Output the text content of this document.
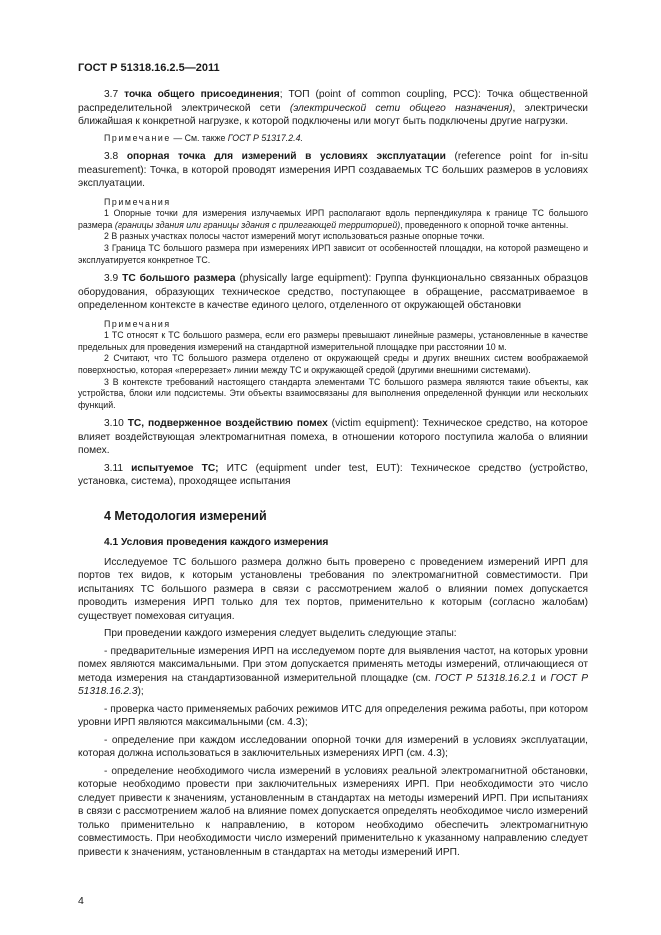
ГОСТ Р 51318.16.2.5—2011

3.7 точка общего присоединения; ТОП (point of common coupling, PCC): Точка общественной распределительной электрической сети (электрической сети общего назначения), электрически ближайшая к конкретной нагрузке, к которой подключены или могут быть подключены другие нагрузки.

Примечание — См. также ГОСТ Р 51317.2.4.

3.8 опорная точка для измерений в условиях эксплуатации (reference point for in-situ measurement): Точка, в которой проводят измерения ИРП создаваемых ТС больших размеров в условиях эксплуатации.

Примечания

1 Опорные точки для измерения излучаемых ИРП располагают вдоль перпендикуляра к границе ТС большого размера (границы здания или границы здания с прилегающей территорией), проведенного к опорной точке антенны.

2 В разных участках полосы частот измерений могут использоваться разные опорные точки.

3 Граница ТС большого размера при измерениях ИРП зависит от особенностей площадки, на которой размещено и эксплуатируется конкретное ТС.

3.9 ТС большого размера (physically large equipment): Группа функционально связанных образцов оборудования, образующих техническое средство, поступающее в обращение, рассматриваемое в определенном контексте в качестве единого целого, отделенного от окружающей обстановки

Примечания

1 ТС относят к ТС большого размера, если его размеры превышают линейные размеры, установленные в качестве предельных для проведения измерений на стандартной измерительной площадке при расстоянии 10 м.

2 Считают, что ТС большого размера отделено от окружающей среды и других внешних систем воображаемой поверхностью, которая «перерезает» линии между ТС и окружающей средой (другими внешними системами).

3 В контексте требований настоящего стандарта элементами ТС большого размера являются такие объекты, как устройства, блоки или подсистемы. Эти объекты взаимосвязаны для выполнения определенной функции или нескольких функций.

3.10 ТС, подверженное воздействию помех (victim equipment): Техническое средство, на которое влияет воздействующая электромагнитная помеха, в отношении которого поступила жалоба о влиянии помех.

3.11 испытуемое ТС; ИТС (equipment under test, EUT): Техническое средство (устройство, установка, система), проходящее испытания

4 Методология измерений
4.1 Условия проведения каждого измерения

Исследуемое ТС большого размера должно быть проверено с проведением измерений ИРП для портов тех видов, к которым установлены требования по электромагнитной совместимости. При испытаниях ТС большого размера в связи с рассмотрением жалоб о влиянии помех допускается проводить измерения ИРП только для тех портов, применительно к которым (согласно жалобам) существует помеховая ситуация.

При проведении каждого измерения следует выделить следующие этапы:

- предварительные измерения ИРП на исследуемом порте для выявления частот, на которых уровни помех являются максимальными. При этом допускается применять методы измерений, отличающиеся от метода измерения на стандартизованной измерительной площадке (см. ГОСТ Р 51318.16.2.1 и ГОСТ Р 51318.16.2.3);

- проверка часто применяемых рабочих режимов ИТС для определения режима работы, при котором уровни ИРП являются максимальными (см. 4.3);

- определение при каждом исследовании опорной точки для измерений в условиях эксплуатации, которая должна использоваться в заключительных измерениях ИРП (см. 4.3);

- определение необходимого числа измерений в условиях реальной электромагнитной обстановки, которые необходимо провести при заключительных измерениях ИРП. При необходимости это число следует привести к значениям, установленным в стандартах на методы измерений ИРП. При испытаниях в связи с рассмотрением жалоб на влияние помех допускается определять необходимое число измерений только применительно к направлению, в котором необходимо обеспечить электромагнитную совместимость. При необходимости число измерений применительно к указанному направлению следует привести к значениям, установленным в стандартах на методы измерений ИРП.

4
